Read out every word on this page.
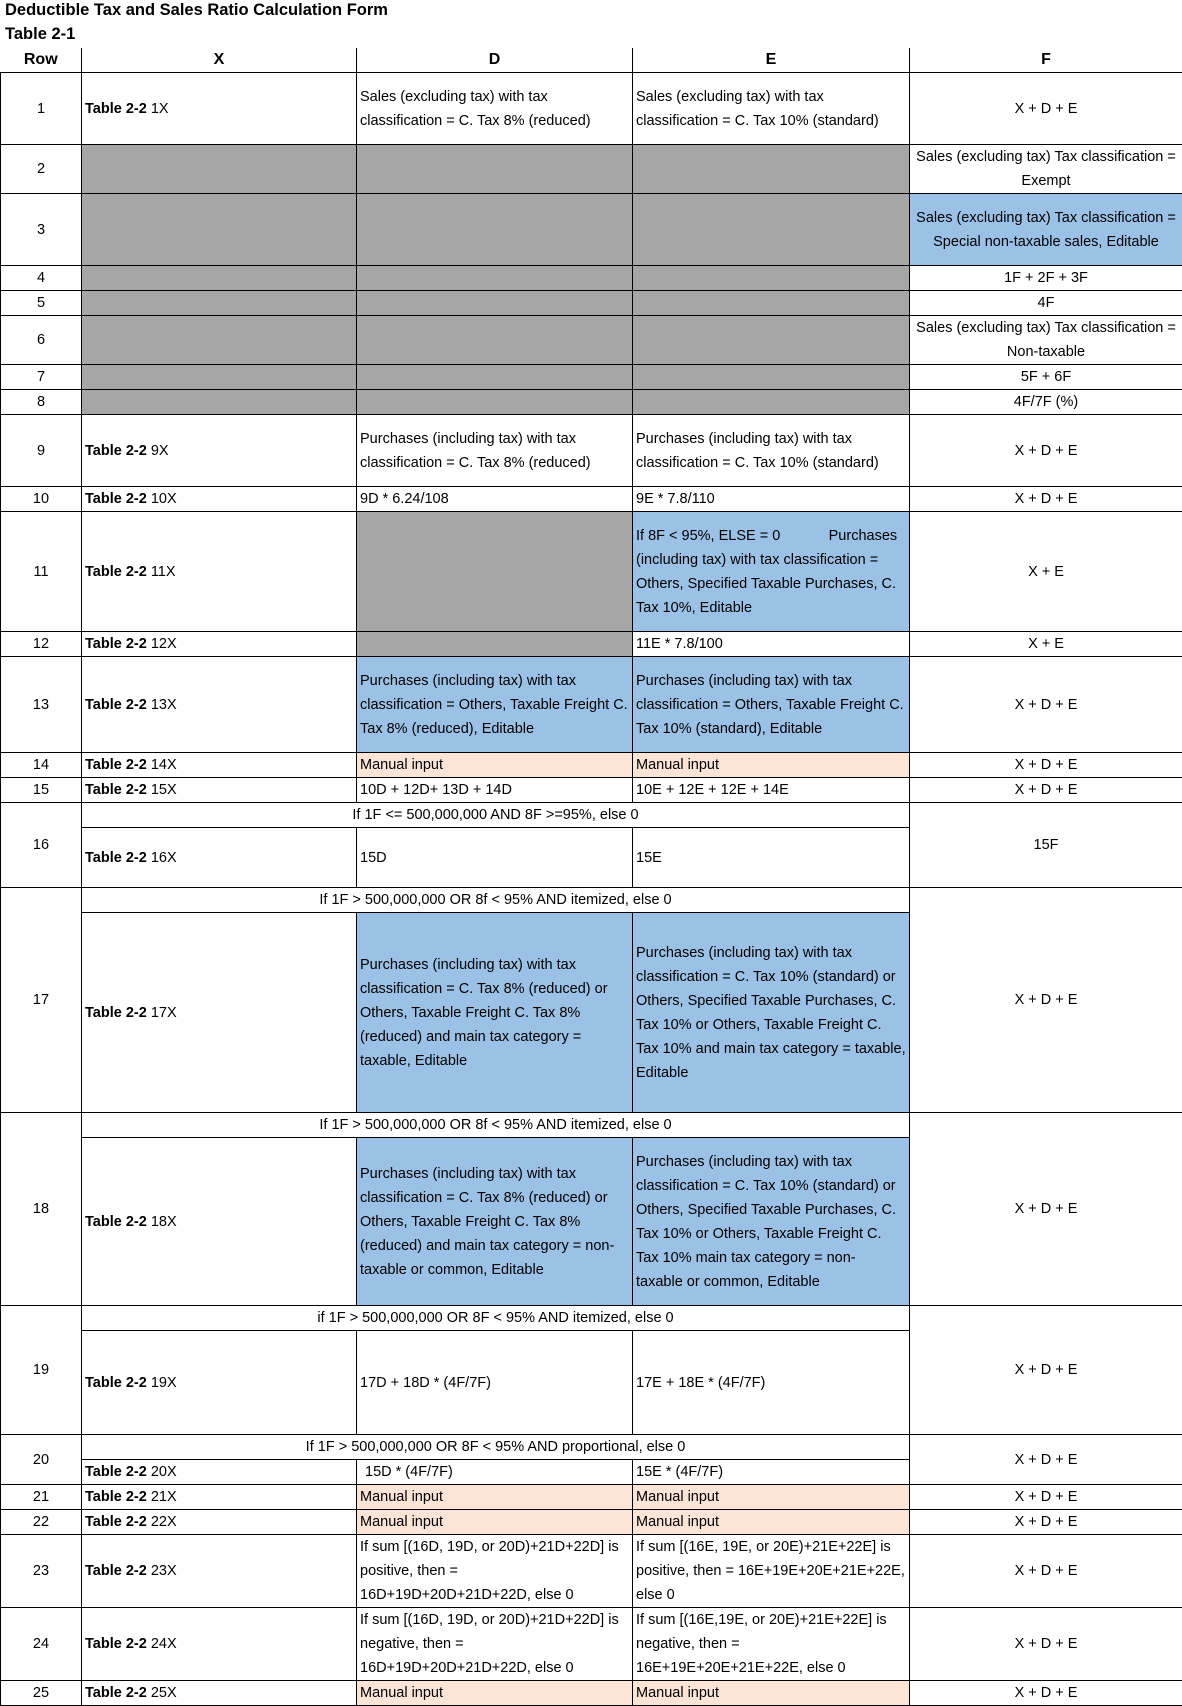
Deductible Tax and Sales Ratio Calculation Form
Table 2-1
Row	X	D	E	F
1	Table 2-2 1X	Sales (excluding tax) with tax classification = C. Tax 8% (reduced)	Sales (excluding tax) with tax classification = C. Tax 10% (standard)	X + D + E
2				Sales (excluding tax) Tax classification = Exempt
3				Sales (excluding tax) Tax classification = Special non-taxable sales, Editable
4				1F + 2F + 3F
5				4F
6				Sales (excluding tax) Tax classification = Non-taxable
7				5F + 6F
8				4F/7F (%)
9	Table 2-2 9X	Purchases (including tax) with tax classification = C. Tax 8% (reduced)	Purchases (including tax) with tax classification = C. Tax 10% (standard)	X + D + E
10	Table 2-2 10X	9D * 6.24/108	9E * 7.8/110	X + D + E
11	Table 2-2 11X		If 8F < 95%, ELSE = 0 Purchases (including tax) with tax classification = Others, Specified Taxable Purchases, C. Tax 10%, Editable	X + E
12	Table 2-2 12X		11E * 7.8/100	X + E
13	Table 2-2 13X	Purchases (including tax) with tax classification = Others, Taxable Freight C. Tax 8% (reduced), Editable	Purchases (including tax) with tax classification = Others, Taxable Freight C. Tax 10% (standard), Editable	X + D + E
14	Table 2-2 14X	Manual input	Manual input	X + D + E
15	Table 2-2 15X	10D + 12D+ 13D + 14D	10E + 12E + 12E + 14E	X + D + E
16	If 1F <= 500,000,000 AND 8F >=95%, else 0			15F
	Table 2-2 16X	15D	15E	
17	If 1F > 500,000,000 OR 8f < 95% AND itemized, else 0			X + D + E
	Table 2-2 17X	Purchases (including tax) with tax classification = C. Tax 8% (reduced) or Others, Taxable Freight C. Tax 8% (reduced) and main tax category = taxable, Editable	Purchases (including tax) with tax classification = C. Tax 10% (standard) or Others, Specified Taxable Purchases, C. Tax 10% or Others, Taxable Freight C. Tax 10% and main tax category = taxable, Editable	
18	If 1F > 500,000,000 OR 8f < 95% AND itemized, else 0			X + D + E
	Table 2-2 18X	Purchases (including tax) with tax classification = C. Tax 8% (reduced) or Others, Taxable Freight C. Tax 8% (reduced) and main tax category = non- taxable or common, Editable	Purchases (including tax) with tax classification = C. Tax 10% (standard) or Others, Specified Taxable Purchases, C. Tax 10% or Others, Taxable Freight C. Tax 10% main tax category = non- taxable or common, Editable	
19	if 1F > 500,000,000 OR 8F < 95% AND itemized, else 0			X + D + E
	Table 2-2 19X	17D + 18D * (4F/7F)	17E + 18E * (4F/7F)	
20	If 1F > 500,000,000 OR 8F < 95% AND proportional, else 0			X + D + E
	Table 2-2 20X	15D * (4F/7F)	15E * (4F/7F)	
21	Table 2-2 21X	Manual input	Manual input	X + D + E
22	Table 2-2 22X	Manual input	Manual input	X + D + E
23	Table 2-2 23X	If sum [(16D, 19D, or 20D)+21D+22D] is positive, then = 16D+19D+20D+21D+22D, else 0	If sum [(16E, 19E, or 20E)+21E+22E] is positive, then = 16E+19E+20E+21E+22E, else 0	X + D + E
24	Table 2-2 24X	If sum [(16D, 19D, or 20D)+21D+22D] is negative, then = 16D+19D+20D+21D+22D, else 0	If sum [(16E,19E, or 20E)+21E+22E] is negative, then = 16E+19E+20E+21E+22E, else 0	X + D + E
25	Table 2-2 25X	Manual input	Manual input	X + D + E
